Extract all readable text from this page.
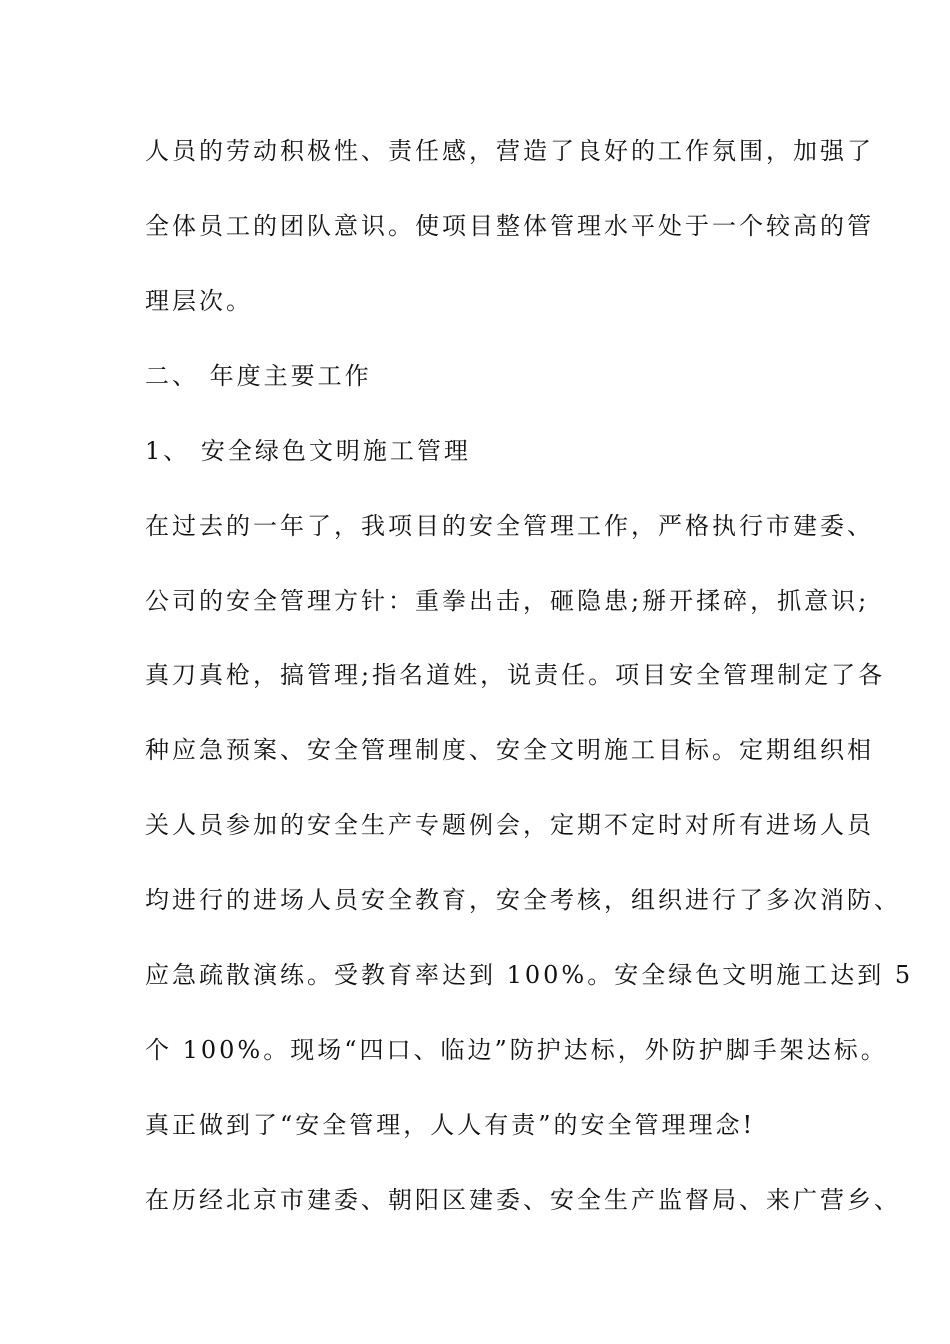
人员的劳动积极性、责任感，营造了良好的工作氛围，加强了
全体员工的团队意识。使项目整体管理水平处于一个较高的管
理层次。
二、 年度主要工作
1、 安全绿色文明施工管理
在过去的一年了，我项目的安全管理工作，严格执行市建委、
公司的安全管理方针：重拳出击，砸隐患;掰开揉碎，抓意识;
真刀真枪，搞管理;指名道姓，说责任。项目安全管理制定了各
种应急预案、安全管理制度、安全文明施工目标。定期组织相
关人员参加的安全生产专题例会，定期不定时对所有进场人员
均进行的进场人员安全教育，安全考核，组织进行了多次消防、
应急疏散演练。受教育率达到 100%。安全绿色文明施工达到 5
个 100%。现场“四口、临边”防护达标，外防护脚手架达标。
真正做到了“安全管理，人人有责”的安全管理理念!
在历经北京市建委、朝阳区建委、安全生产监督局、来广营乡、
